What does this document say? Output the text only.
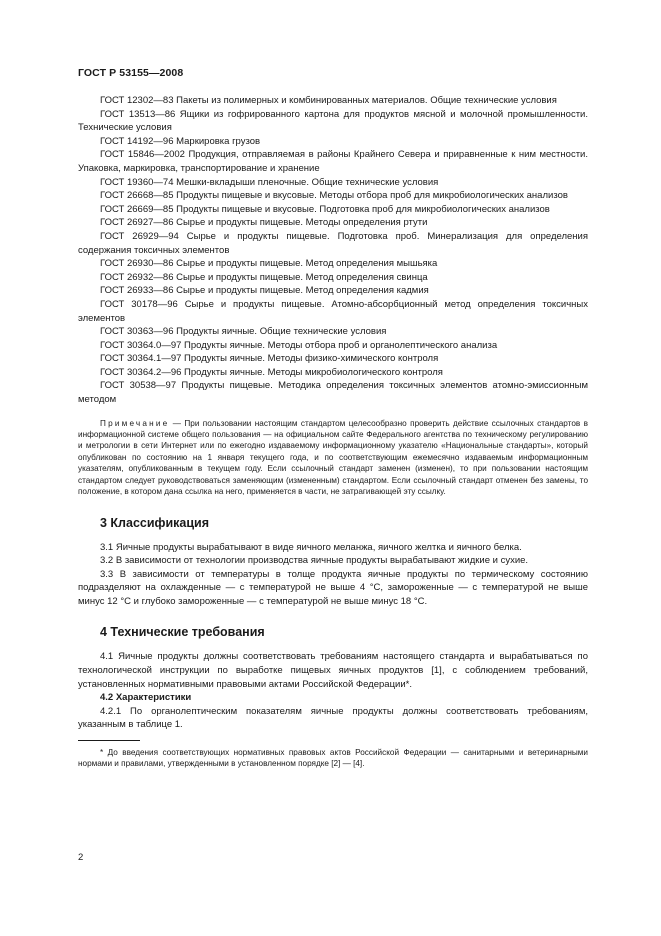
ГОСТ Р 53155—2008

ГОСТ 12302—83 Пакеты из полимерных и комбинированных материалов. Общие технические условия

ГОСТ 13513—86 Ящики из гофрированного картона для продуктов мясной и молочной промышленности. Технические условия

ГОСТ 14192—96 Маркировка грузов

ГОСТ 15846—2002 Продукция, отправляемая в районы Крайнего Севера и приравненные к ним местности. Упаковка, маркировка, транспортирование и хранение

ГОСТ 19360—74 Мешки-вкладыши пленочные. Общие технические условия

ГОСТ 26668—85 Продукты пищевые и вкусовые. Методы отбора проб для микробиологических анализов

ГОСТ 26669—85 Продукты пищевые и вкусовые. Подготовка проб для микробиологических анализов

ГОСТ 26927—86 Сырье и продукты пищевые. Методы определения ртути

ГОСТ 26929—94 Сырье и продукты пищевые. Подготовка проб. Минерализация для определения содержания токсичных элементов

ГОСТ 26930—86 Сырье и продукты пищевые. Метод определения мышьяка

ГОСТ 26932—86 Сырье и продукты пищевые. Метод определения свинца

ГОСТ 26933—86 Сырье и продукты пищевые. Метод определения кадмия

ГОСТ 30178—96 Сырье и продукты пищевые. Атомно-абсорбционный метод определения токсичных элементов

ГОСТ 30363—96 Продукты яичные. Общие технические условия

ГОСТ 30364.0—97 Продукты яичные. Методы отбора проб и органолептического анализа

ГОСТ 30364.1—97 Продукты яичные. Методы физико-химического контроля

ГОСТ 30364.2—96 Продукты яичные. Методы микробиологического контроля

ГОСТ 30538—97 Продукты пищевые. Методика определения токсичных элементов атомно-эмиссионным методом

Примечание — При пользовании настоящим стандартом целесообразно проверить действие ссылочных стандартов в информационной системе общего пользования — на официальном сайте Федерального агентства по техническому регулированию и метрологии в сети Интернет или по ежегодно издаваемому информационному указателю «Национальные стандарты», который опубликован по состоянию на 1 января текущего года, и по соответствующим ежемесячно издаваемым информационным указателям, опубликованным в текущем году. Если ссылочный стандарт заменен (изменен), то при пользовании настоящим стандартом следует руководствоваться заменяющим (измененным) стандартом. Если ссылочный стандарт отменен без замены, то положение, в котором дана ссылка на него, применяется в части, не затрагивающей эту ссылку.

3 Классификация

3.1 Яичные продукты вырабатывают в виде яичного меланжа, яичного желтка и яичного белка.

3.2 В зависимости от технологии производства яичные продукты вырабатывают жидкие и сухие.

3.3 В зависимости от температуры в толще продукта яичные продукты по термическому состоянию подразделяют на охлажденные — с температурой не выше 4 °С, замороженные — с температурой не выше минус 12 °С и глубоко замороженные — с температурой не выше минус 18 °С.

4 Технические требования

4.1 Яичные продукты должны соответствовать требованиям настоящего стандарта и вырабатываться по технологической инструкции по выработке пищевых яичных продуктов [1], с соблюдением требований, установленных нормативными правовыми актами Российской Федерации*.

4.2 Характеристики

4.2.1 По органолептическим показателям яичные продукты должны соответствовать требованиям, указанным в таблице 1.

* До введения соответствующих нормативных правовых актов Российской Федерации — санитарными и ветеринарными нормами и правилами, утвержденными в установленном порядке [2] — [4].

2
